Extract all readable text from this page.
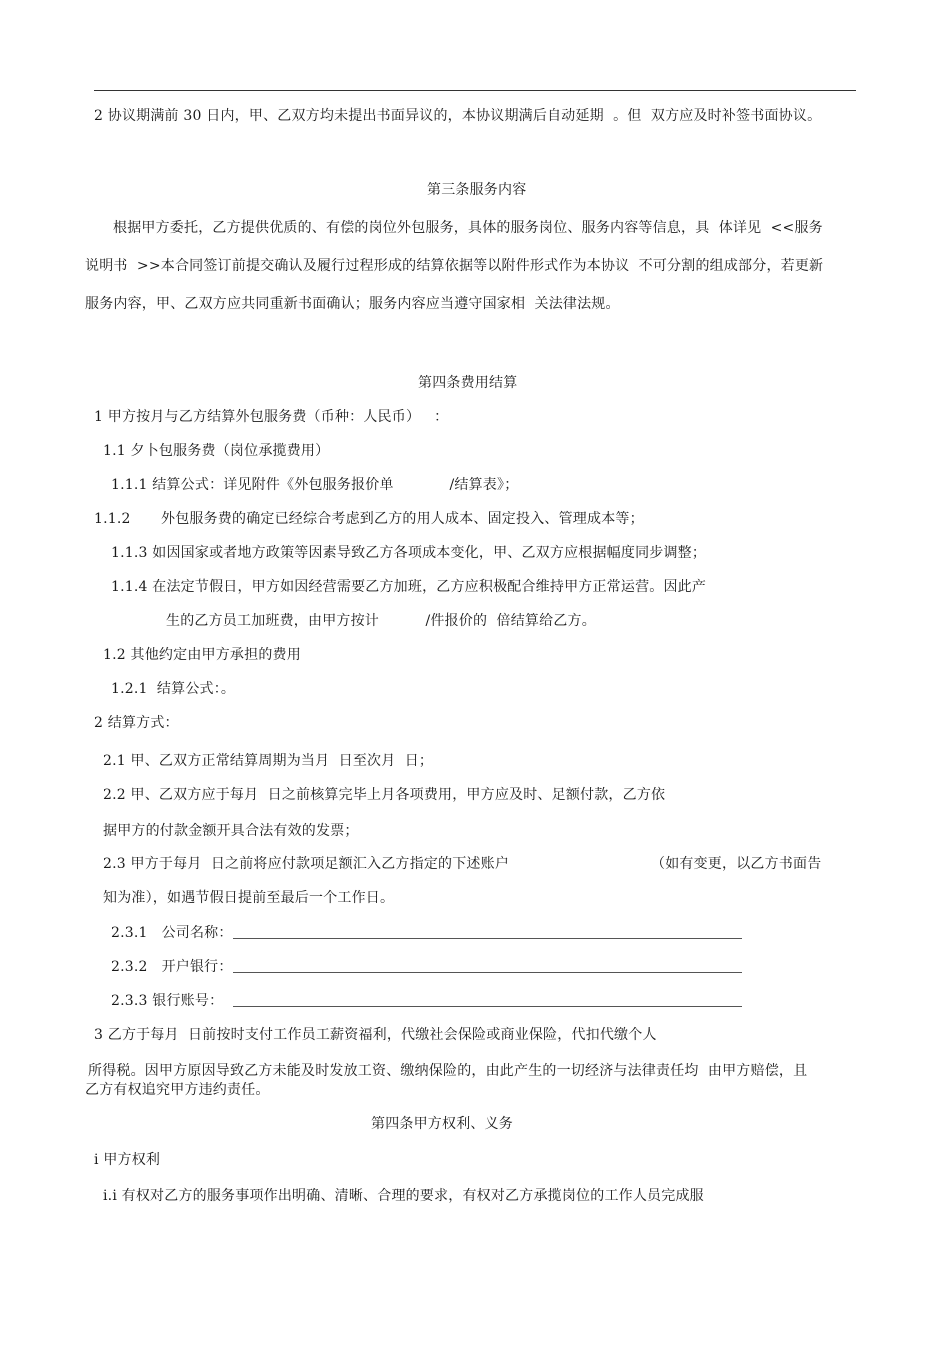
2 协议期满前 30 日内，甲、乙双方均未提出书面异议的，本协议期满后自动延期  。但  双方应及时补签书面协议。
第三条服务内容
根据甲方委托，乙方提供优质的、有偿的岗位外包服务，具体的服务岗位、服务内容等信息，具  体详见  <<服务
说明书  >>本合同签订前提交确认及履行过程形成的结算依据等以附件形式作为本协议  不可分割的组成部分，若更新
服务内容，甲、乙双方应共同重新书面确认；服务内容应当遵守国家相  关法律法规。
第四条费用结算
1 甲方按月与乙方结算外包服务费（币种：人民币）   ：
1.1 夕卜包服务费（岗位承揽费用）
1.1.1 结算公式：详见附件《外包服务报价单            /结算表》；
1.1.2 外包服务费的确定已经综合考虑到乙方的用人成本、固定投入、管理成本等；
1.1.3 如因国家或者地方政策等因素导致乙方各项成本变化，甲、乙双方应根据幅度同步调整；
1.1.4 在法定节假日，甲方如因经营需要乙方加班，乙方应积极配合维持甲方正常运营。因此产
生的乙方员工加班费，由甲方按计          /件报价的  倍结算给乙方。
1.2 其他约定由甲方承担的费用
1.2.1  结算公式：。
2 结算方式：
2.1 甲、乙双方正常结算周期为当月  日至次月  日；
2.2 甲、乙双方应于每月  日之前核算完毕上月各项费用，甲方应及时、足额付款，乙方依
据甲方的付款金额开具合法有效的发票；
2.3 甲方于每月  日之前将应付款项足额汇入乙方指定的下述账户	（如有变更，以乙方书面告
知为准），如遇节假日提前至最后一个工作日。
2.3.1   公司名称：
2.3.2   开户银行：
2.3.3 银行账号：
3 乙方于每月  日前按时支付工作员工薪资福利，代缴社会保险或商业保险，代扣代缴个人
所得税。因甲方原因导致乙方未能及时发放工资、缴纳保险的，由此产生的一切经济与法律责任均  由甲方赔偿，且
乙方有权追究甲方违约责任。
第四条甲方权利、义务
i 甲方权利
i.i 有权对乙方的服务事项作出明确、清晰、合理的要求，有权对乙方承揽岗位的工作人员完成服
